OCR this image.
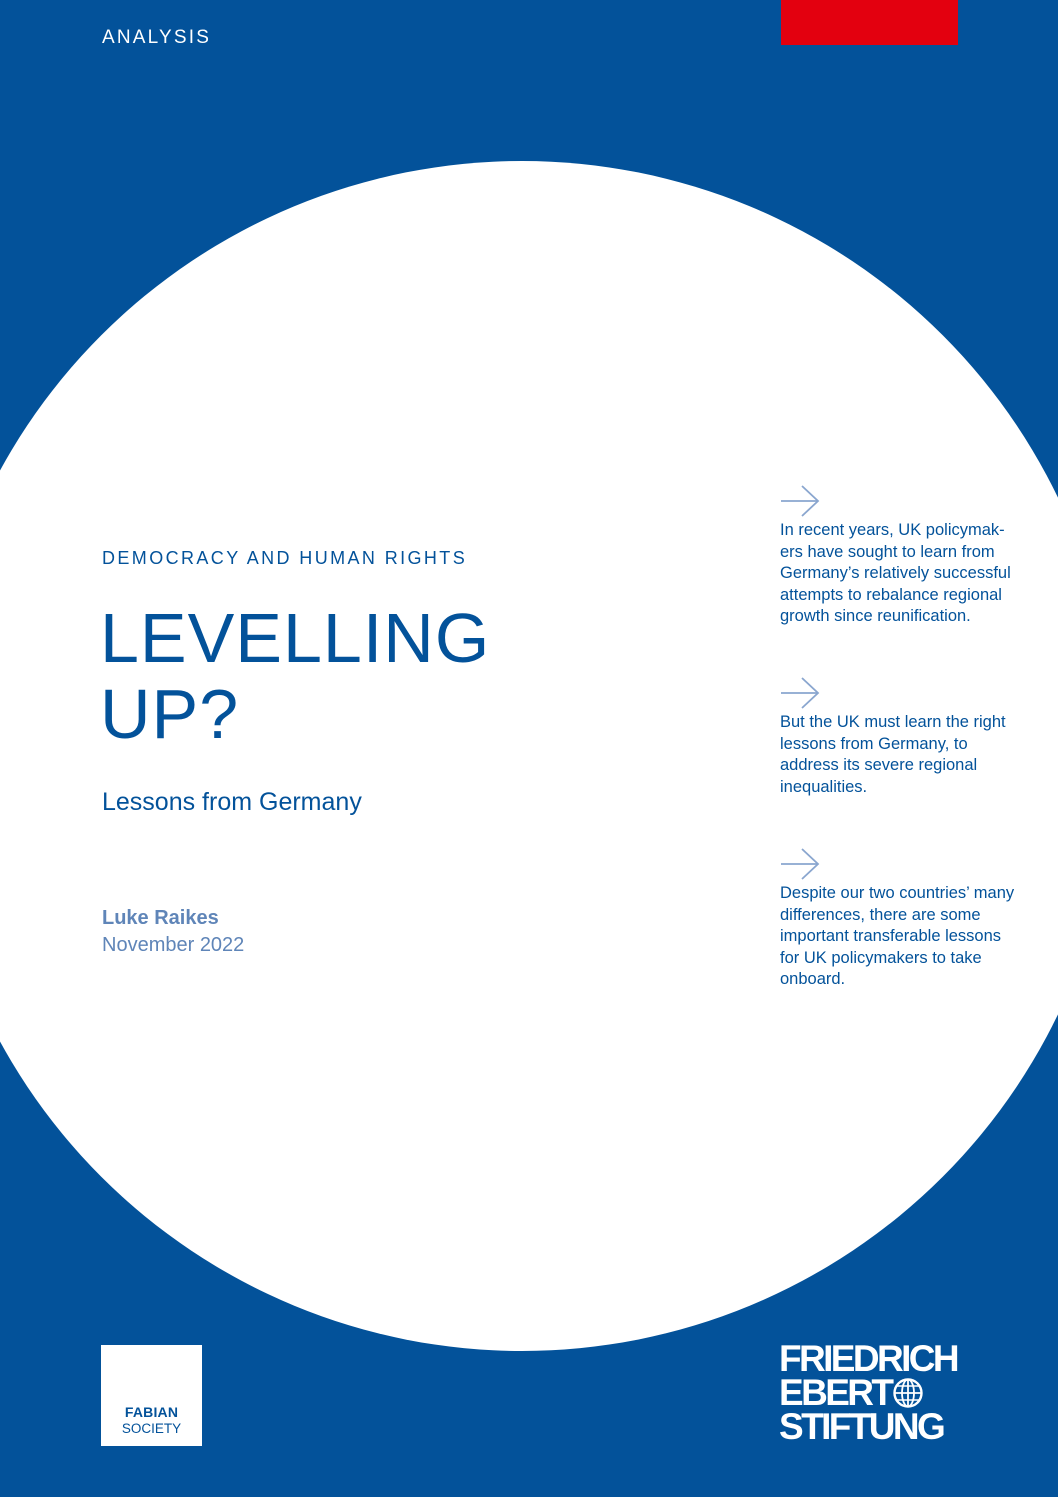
ANALYSIS
DEMOCRACY AND HUMAN RIGHTS
LEVELLING
UP?
Lessons from Germany
Luke Raikes
November 2022
In recent years, UK policymak- ers have sought to learn from Germany’s relatively successful attempts to rebalance regional growth since reunification.
But the UK must learn the right lessons from Germany, to address its severe regional inequalities.
Despite our two countries’ many differences, there are some important transferable lessons for UK policymakers to take onboard.
FABIAN
SOCIETY
FRIEDRICH
EBERT
STIFTUNG
